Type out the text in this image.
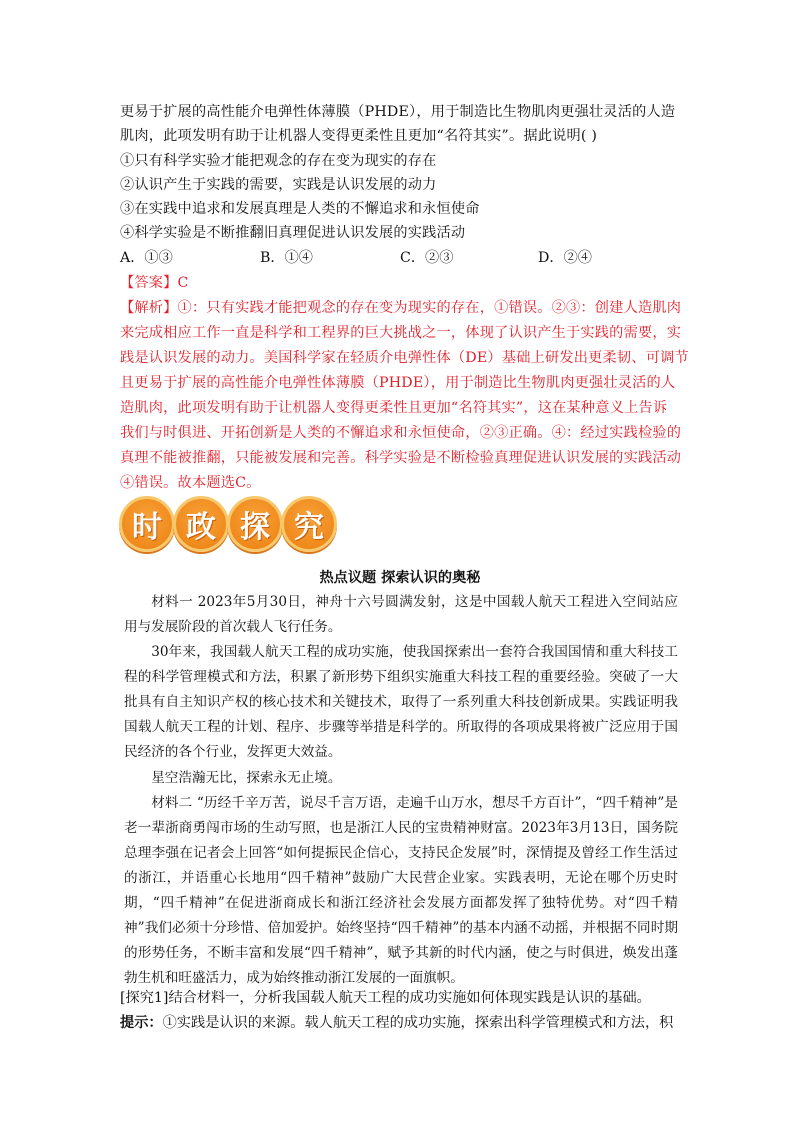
更易于扩展的高性能介电弹性体薄膜（PHDE），用于制造比生物肌肉更强壮灵活的人造
肌肉，此项发明有助于让机器人变得更柔性且更加“名符其实”。据此说明( )
①只有科学实验才能把观念的存在变为现实的存在
②认识产生于实践的需要，实践是认识发展的动力
③在实践中追求和发展真理是人类的不懈追求和永恒使命
④科学实验是不断推翻旧真理促进认识发展的实践活动
A．①③	B．①④	C．②③	D．②④
【答案】C
【解析】①：只有实践才能把观念的存在变为现实的存在，①错误。②③：创建人造肌肉
来完成相应工作一直是科学和工程界的巨大挑战之一，体现了认识产生于实践的需要，实
践是认识发展的动力。美国科学家在轻质介电弹性体（DE）基础上研发出更柔韧、可调节
且更易于扩展的高性能介电弹性体薄膜（PHDE），用于制造比生物肌肉更强壮灵活的人
造肌肉，此项发明有助于让机器人变得更柔性且更加“名符其实”，这在某种意义上告诉
我们与时俱进、开拓创新是人类的不懈追求和永恒使命，②③正确。④：经过实践检验的
真理不能被推翻，只能被发展和完善。科学实验是不断检验真理促进认识发展的实践活动
④错误。故本题选C。
时 政 探 究
热点议题 探索认识的奥秘
材料一 2023年5月30日，神舟十六号圆满发射，这是中国载人航天工程进入空间站应用与发展阶段的首次载人飞行任务。
30年来，我国载人航天工程的成功实施，使我国探索出一套符合我国国情和重大科技工程的科学管理模式和方法，积累了新形势下组织实施重大科技工程的重要经验。突破了一大批具有自主知识产权的核心技术和关键技术，取得了一系列重大科技创新成果。实践证明我国载人航天工程的计划、程序、步骤等举措是科学的。所取得的各项成果将被广泛应用于国民经济的各个行业，发挥更大效益。
星空浩瀚无比，探索永无止境。
材料二 “历经千辛万苦，说尽千言万语，走遍千山万水，想尽千方百计”，“四千精神”是老一辈浙商勇闯市场的生动写照，也是浙江人民的宝贵精神财富。2023年3月13日，国务院总理李强在记者会上回答“如何提振民企信心，支持民企发展”时，深情提及曾经工作生活过的浙江，并语重心长地用“四千精神”鼓励广大民营企业家。实践表明，无论在哪个历史时期，“四千精神”在促进浙商成长和浙江经济社会发展方面都发挥了独特优势。对“四千精神”我们必须十分珍惜、倍加爱护。始终坚持“四千精神”的基本内涵不动摇，并根据不同时期的形势任务，不断丰富和发展“四千精神”，赋予其新的时代内涵，使之与时俱进，焕发出蓬勃生机和旺盛活力，成为始终推动浙江发展的一面旗帜。
[探究1]结合材料一，分析我国载人航天工程的成功实施如何体现实践是认识的基础。
提示：①实践是认识的来源。载人航天工程的成功实施，探索出科学管理模式和方法，积
